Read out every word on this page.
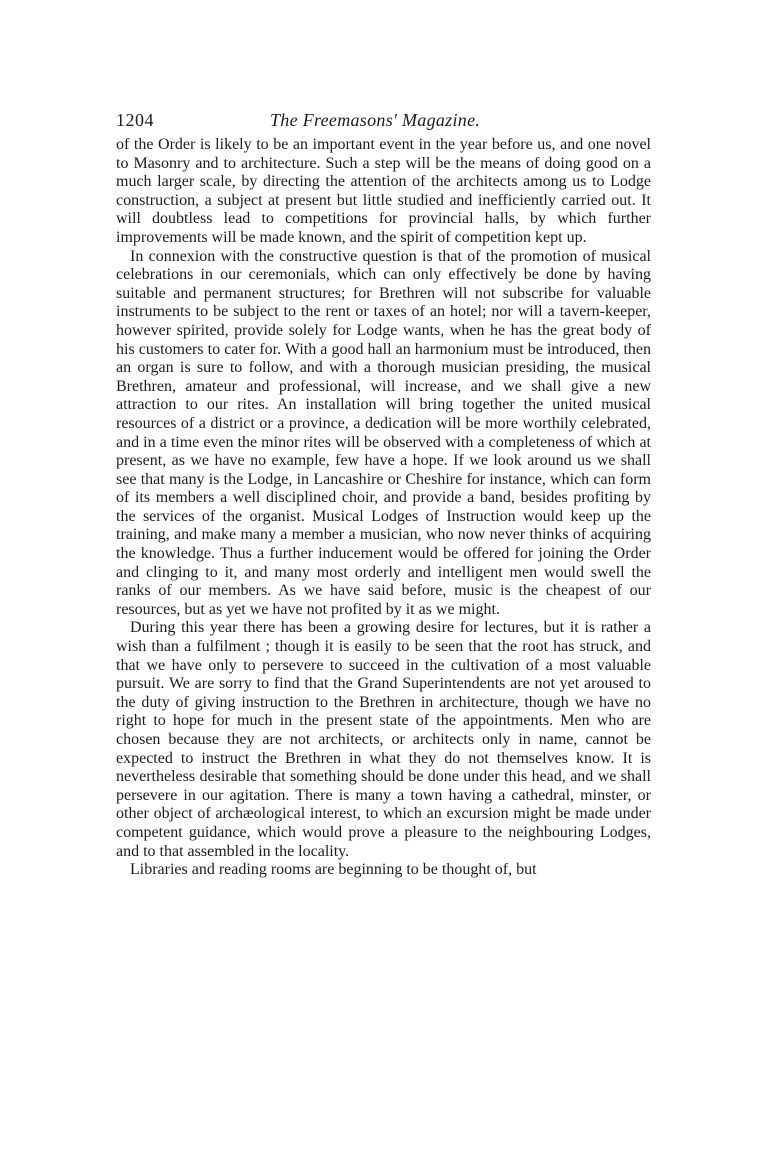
1204	The Freemasons' Magazine.

of the Order is likely to be an important event in the year before us, and one novel to Masonry and to architecture. Such a step will be the means of doing good on a much larger scale, by directing the attention of the architects among us to Lodge construction, a subject at present but little studied and inefficiently carried out. It will doubtless lead to competitions for provincial halls, by which further improvements will be made known, and the spirit of competition kept up.

In connexion with the constructive question is that of the promotion of musical celebrations in our ceremonials, which can only effectively be done by having suitable and permanent structures; for Brethren will not subscribe for valuable instruments to be subject to the rent or taxes of an hotel; nor will a tavern-keeper, however spirited, provide solely for Lodge wants, when he has the great body of his customers to cater for. With a good hall an harmonium must be introduced, then an organ is sure to follow, and with a thorough musician presiding, the musical Brethren, amateur and professional, will increase, and we shall give a new attraction to our rites. An installation will bring together the united musical resources of a district or a province, a dedication will be more worthily celebrated, and in a time even the minor rites will be observed with a completeness of which at present, as we have no example, few have a hope. If we look around us we shall see that many is the Lodge, in Lancashire or Cheshire for instance, which can form of its members a well disciplined choir, and provide a band, besides profiting by the services of the organist. Musical Lodges of Instruction would keep up the training, and make many a member a musician, who now never thinks of acquiring the knowledge. Thus a further inducement would be offered for joining the Order and clinging to it, and many most orderly and intelligent men would swell the ranks of our members. As we have said before, music is the cheapest of our resources, but as yet we have not profited by it as we might.

During this year there has been a growing desire for lectures, but it is rather a wish than a fulfilment ; though it is easily to be seen that the root has struck, and that we have only to persevere to succeed in the cultivation of a most valuable pursuit. We are sorry to find that the Grand Superintendents are not yet aroused to the duty of giving instruction to the Brethren in architecture, though we have no right to hope for much in the present state of the appointments. Men who are chosen because they are not architects, or architects only in name, cannot be expected to instruct the Brethren in what they do not themselves know. It is nevertheless desirable that something should be done under this head, and we shall persevere in our agitation. There is many a town having a cathedral, minster, or other object of archæological interest, to which an excursion might be made under competent guidance, which would prove a pleasure to the neighbouring Lodges, and to that assembled in the locality.

Libraries and reading rooms are beginning to be thought of, but
